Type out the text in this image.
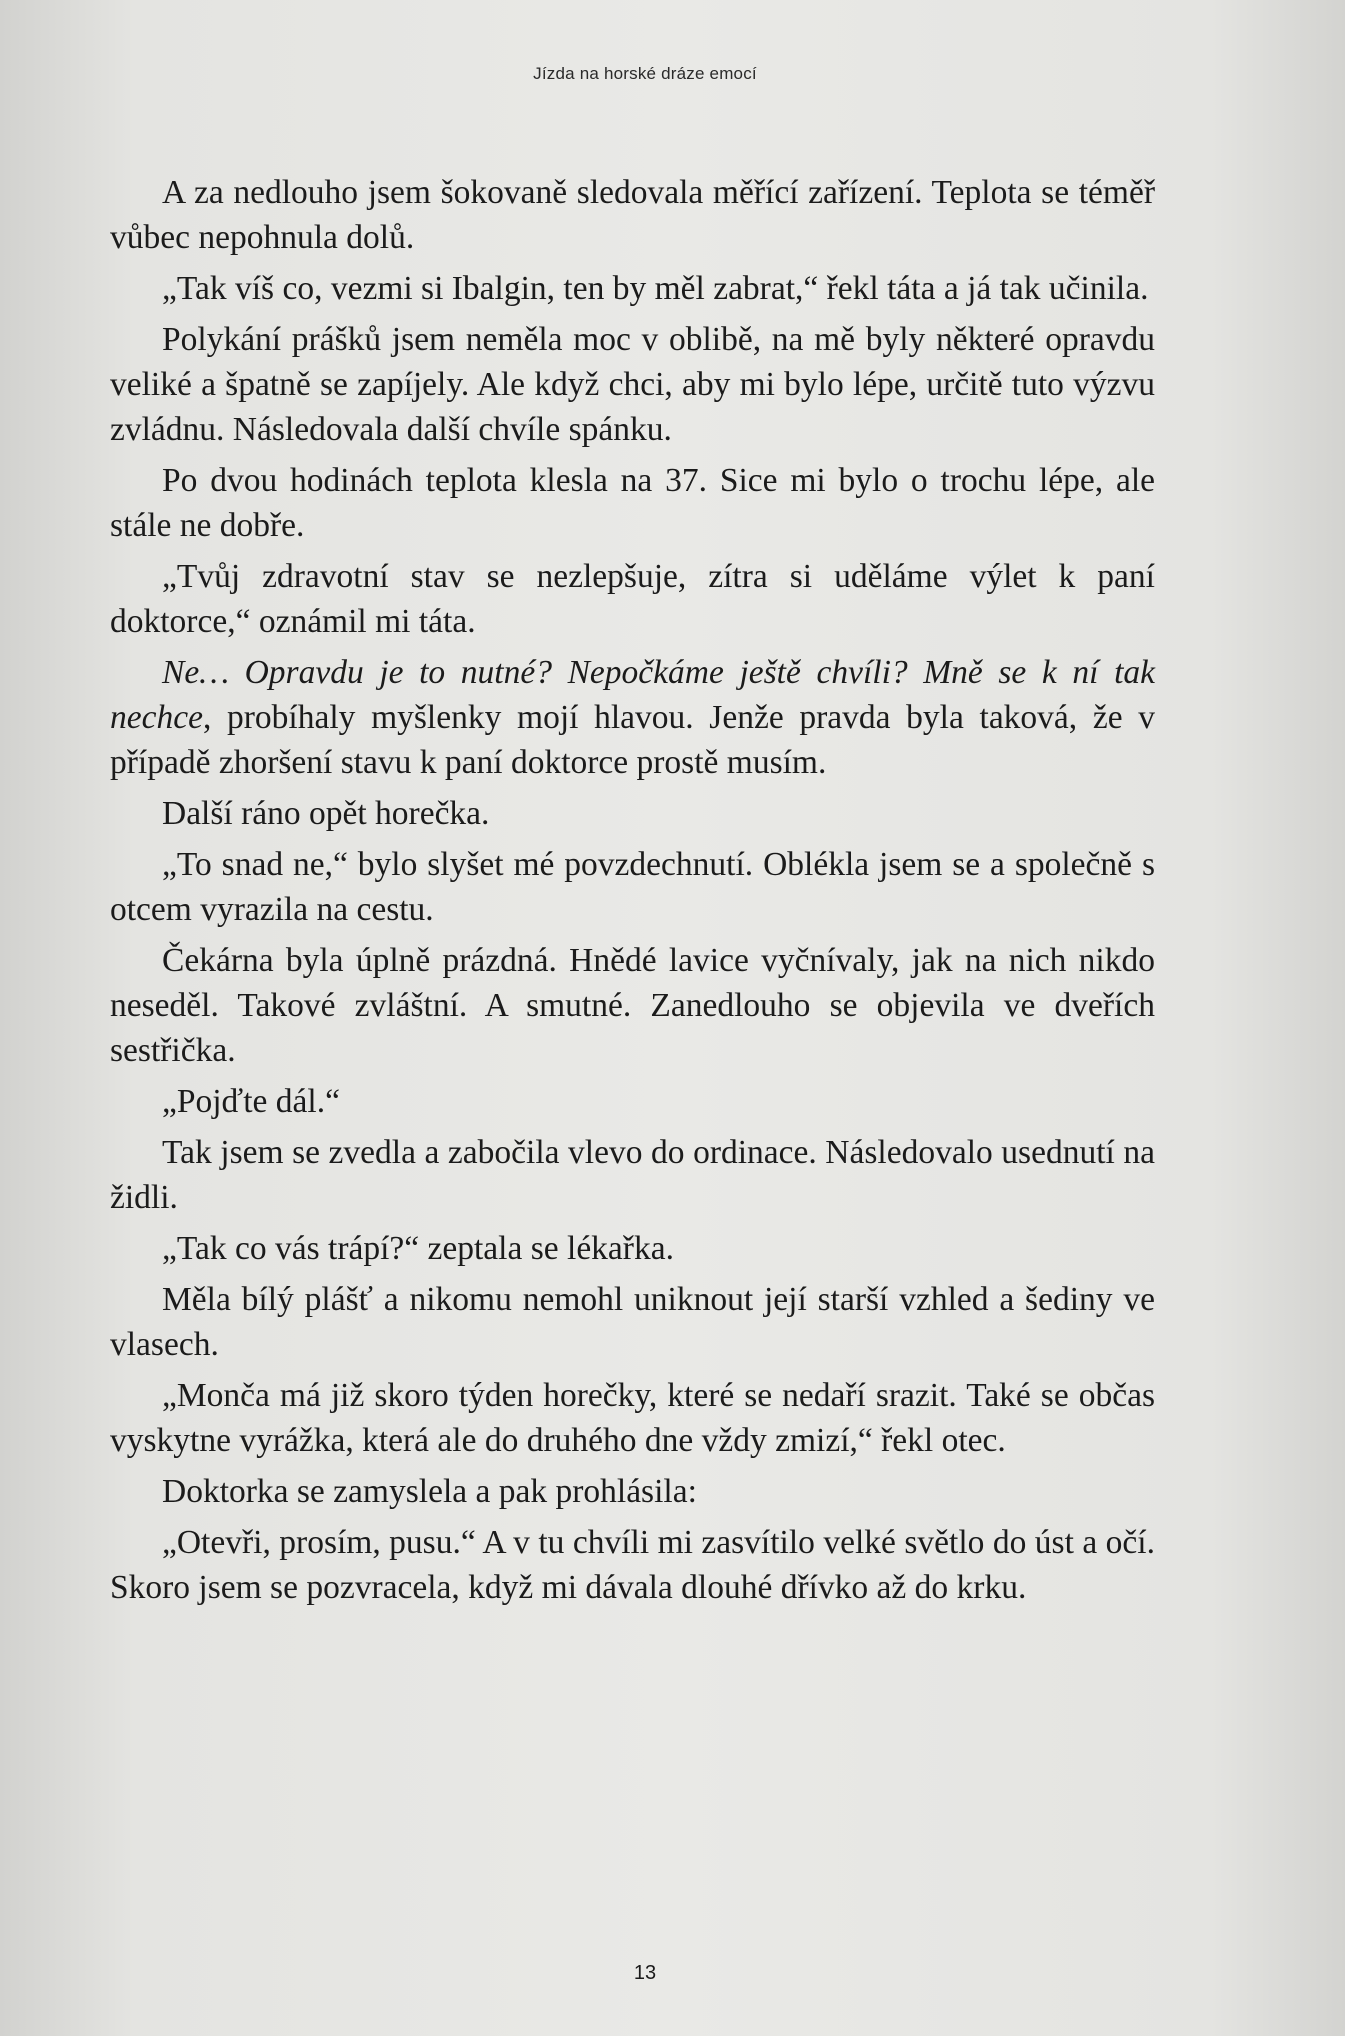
Jízda na horské dráze emocí

A za nedlouho jsem šokovaně sledovala měřící zařízení. Teplota se téměř vůbec nepohnula dolů.

„Tak víš co, vezmi si Ibalgin, ten by měl zabrat,“ řekl táta a já tak učinila.

Polykání prášků jsem neměla moc v oblibě, na mě byly některé opravdu veliké a špatně se zapíjely. Ale když chci, aby mi bylo lépe, určitě tuto výzvu zvládnu. Následovala další chvíle spánku.

Po dvou hodinách teplota klesla na 37. Sice mi bylo o trochu lépe, ale stále ne dobře.

„Tvůj zdravotní stav se nezlepšuje, zítra si uděláme výlet k paní doktorce,“ oznámil mi táta.

Ne… Opravdu je to nutné? Nepočkáme ještě chvíli? Mně se k ní tak nechce, probíhaly myšlenky mojí hlavou. Jenže pravda byla taková, že v případě zhoršení stavu k paní doktorce prostě musím.

Další ráno opět horečka.

„To snad ne,“ bylo slyšet mé povzdechnutí. Oblékla jsem se a společně s otcem vyrazila na cestu.

Čekárna byla úplně prázdná. Hnědé lavice vyčnívaly, jak na nich nikdo neseděl. Takové zvláštní. A smutné. Zanedlouho se objevila ve dveřích sestřička.

„Pojďte dál.“

Tak jsem se zvedla a zabočila vlevo do ordinace. Následovalo usednutí na židli.

„Tak co vás trápí?“ zeptala se lékařka.

Měla bílý plášť a nikomu nemohl uniknout její starší vzhled a šediny ve vlasech.

„Monča má již skoro týden horečky, které se nedaří srazit. Také se občas vyskytne vyrážka, která ale do druhého dne vždy zmizí,“ řekl otec.

Doktorka se zamyslela a pak prohlásila:

„Otevři, prosím, pusu.“ A v tu chvíli mi zasvítilo velké světlo do úst a očí. Skoro jsem se pozvracela, když mi dávala dlouhé dřívko až do krku.

13
